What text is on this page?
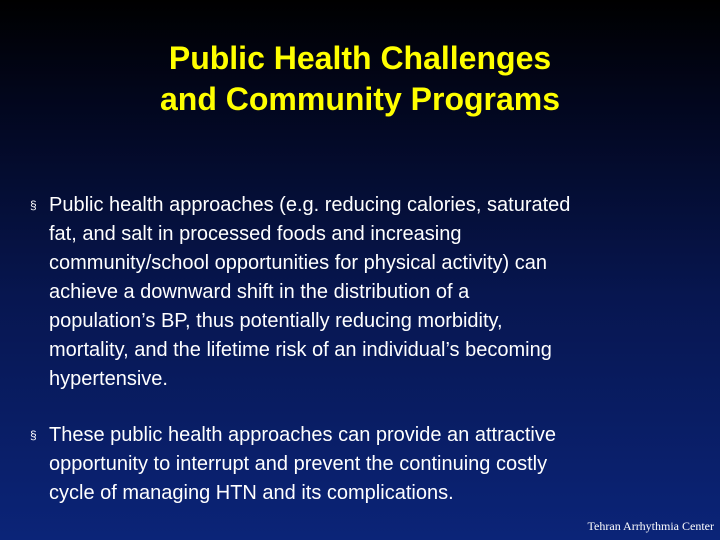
Public Health Challenges
and Community Programs
§ Public health approaches (e.g. reducing calories, saturated
fat, and salt in processed foods and increasing
community/school opportunities for physical activity) can
achieve a downward shift in the distribution of a
population’s BP, thus potentially reducing morbidity,
mortality, and the lifetime risk of an individual’s becoming
hypertensive.
§ These public health approaches can provide an attractive
opportunity to interrupt and prevent the continuing costly
cycle of managing HTN and its complications.
Tehran Arrhythmia Center
